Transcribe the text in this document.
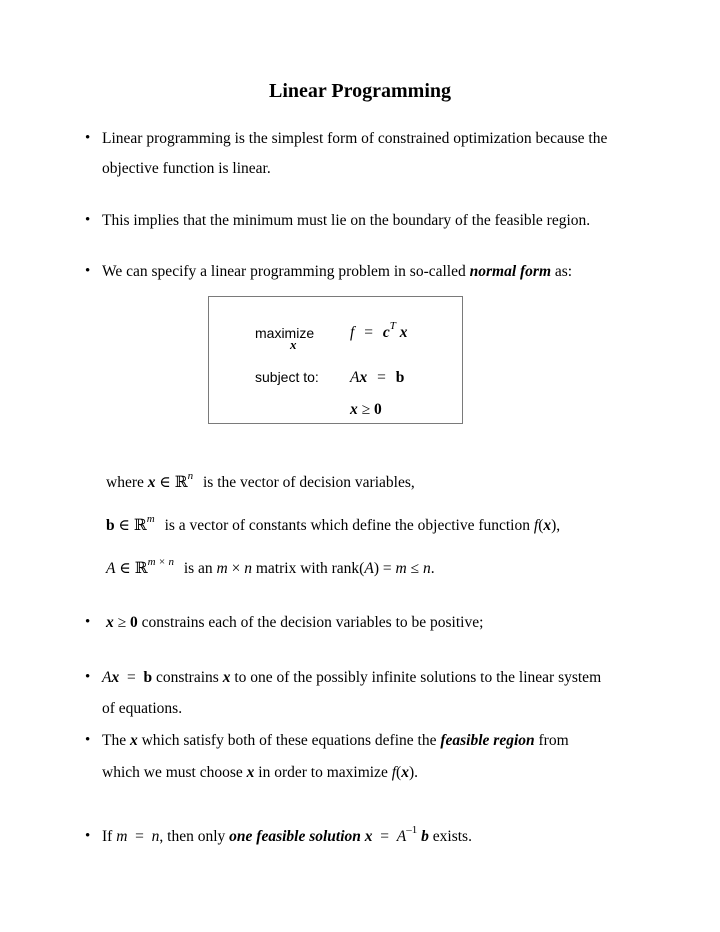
Linear Programming
• Linear programming is the simplest form of constrained optimization because the
objective function is linear.
• This implies that the minimum must lie on the boundary of the feasible region.
• We can specify a linear programming problem in so-called normal form as:
maximize
x
$f = c^T$ x
subject to: Ax = b
x ≥ 0
where x ∈ ℝ$^n$ is the vector of decision variables,
b ∈ ℝ$^m$ is a vector of constants which define the objective function f(x),
A ∈ ℝ$^{m \times n}$ is an m × n matrix with rank(A) = m ≤ n.
• x ≥ 0 constrains each of the decision variables to be positive;
• Ax  =  b constrains x to one of the possibly infinite solutions to the linear system
of equations.
• The x which satisfy both of these equations define the feasible region from
which we must choose x in order to maximize f(x).
• If m  =  n, then only one feasible solution $x = A^{-1}$ b exists.
